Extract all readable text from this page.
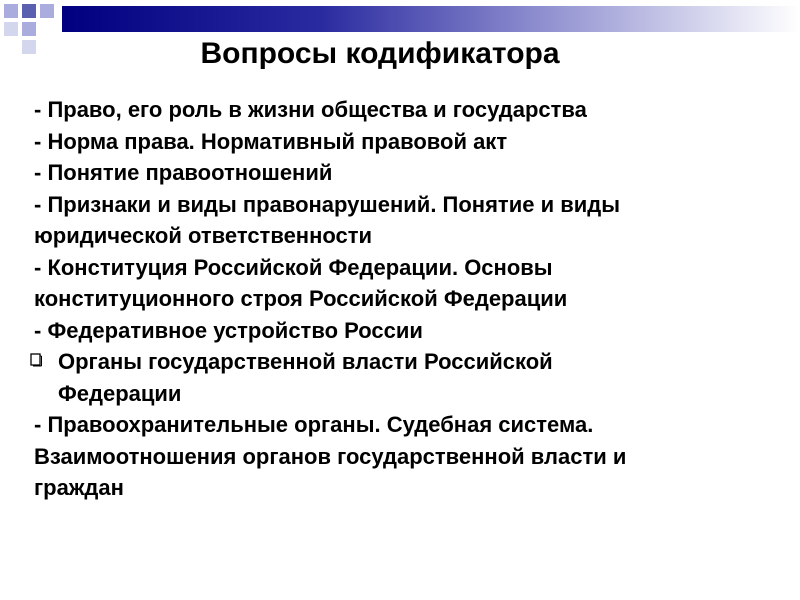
Вопросы кодификатора
- Право, его роль в жизни общества и государства
- Норма права. Нормативный правовой акт
- Понятие правоотношений
- Признаки и виды правонарушений. Понятие и виды
юридической ответственности
- Конституция Российской Федерации. Основы
конституционного строя Российской Федерации
- Федеративное устройство России
Органы государственной власти Российской
Федерации
- Правоохранительные органы. Судебная система.
Взаимоотношения органов государственной власти и
граждан
